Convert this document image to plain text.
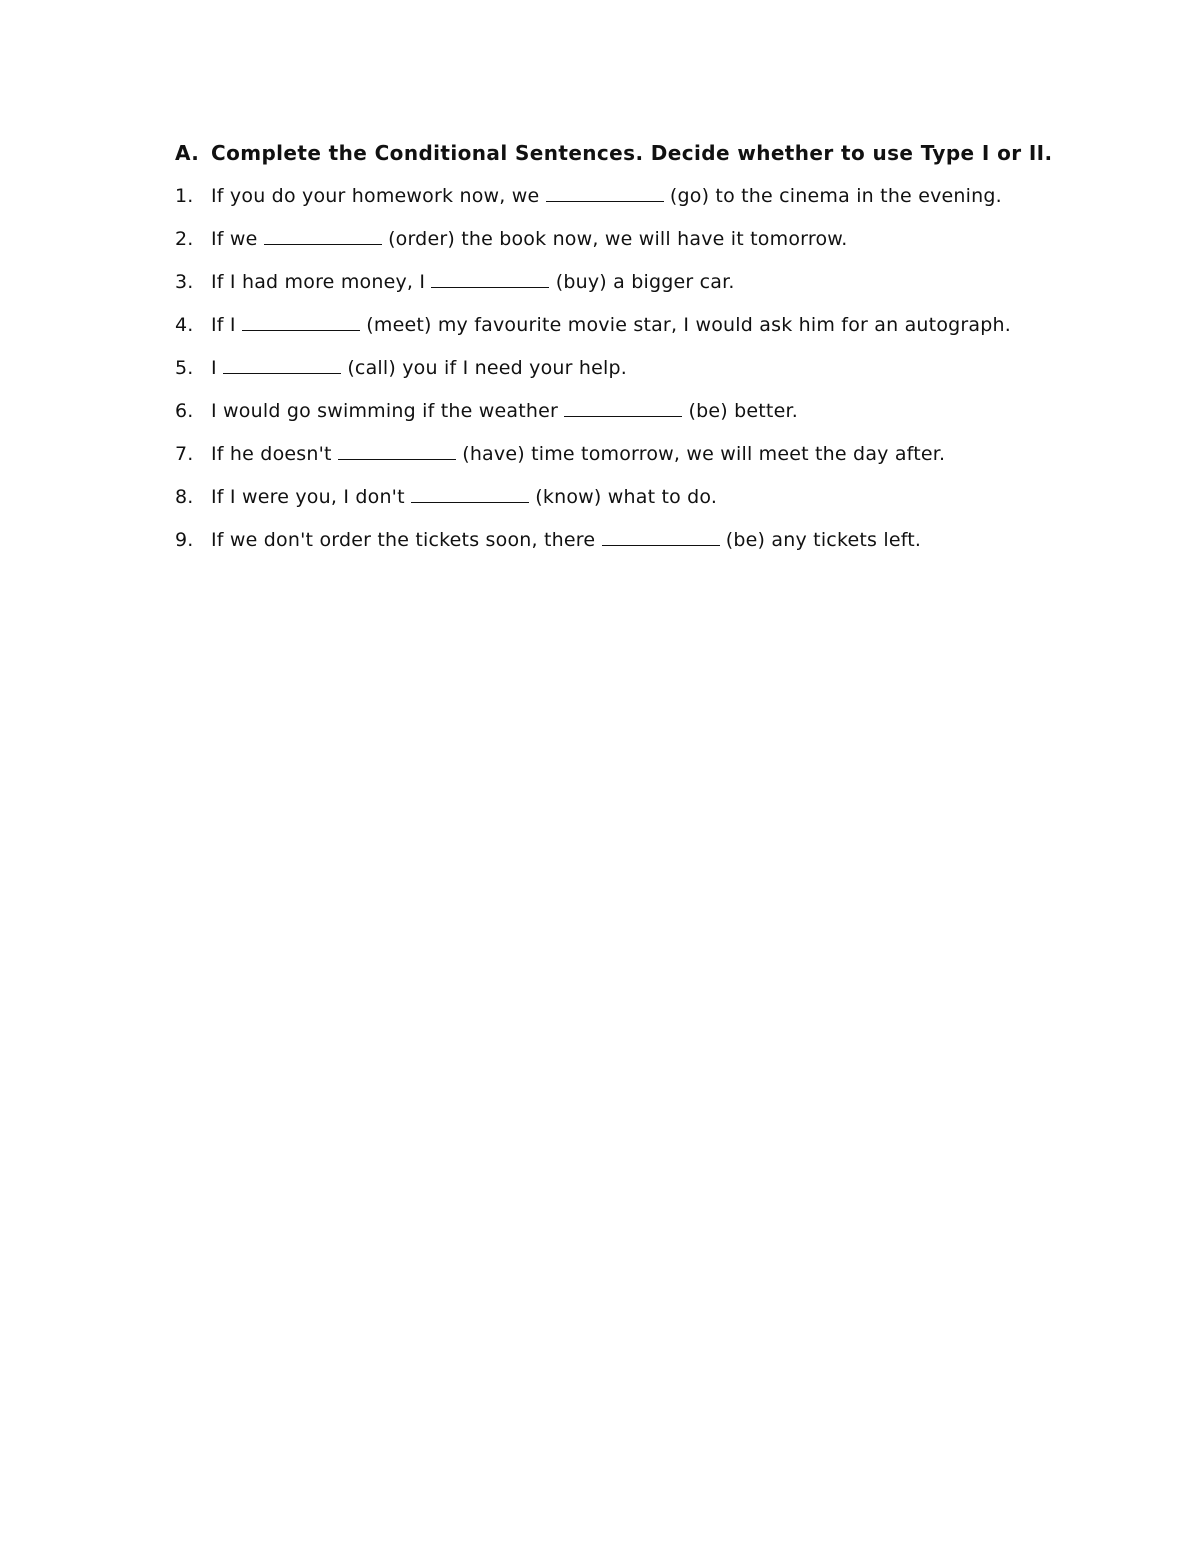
A. Complete the Conditional Sentences. Decide whether to use Type I or II.
1. If you do your homework now, we	(go) to the cinema in the evening.
2. If we	(order) the book now, we will have it tomorrow.
3. If I had more money, I	(buy) a bigger car.
4. If I	(meet) my favourite movie star, I would ask him for an autograph.
5. I	(call) you if I need your help.
6. I would go swimming if the weather	(be) better.
7. If he doesn't	(have) time tomorrow, we will meet the day after.
8. If I were you, I don't	(know) what to do.
9. If we don't order the tickets soon, there	(be) any tickets left.
